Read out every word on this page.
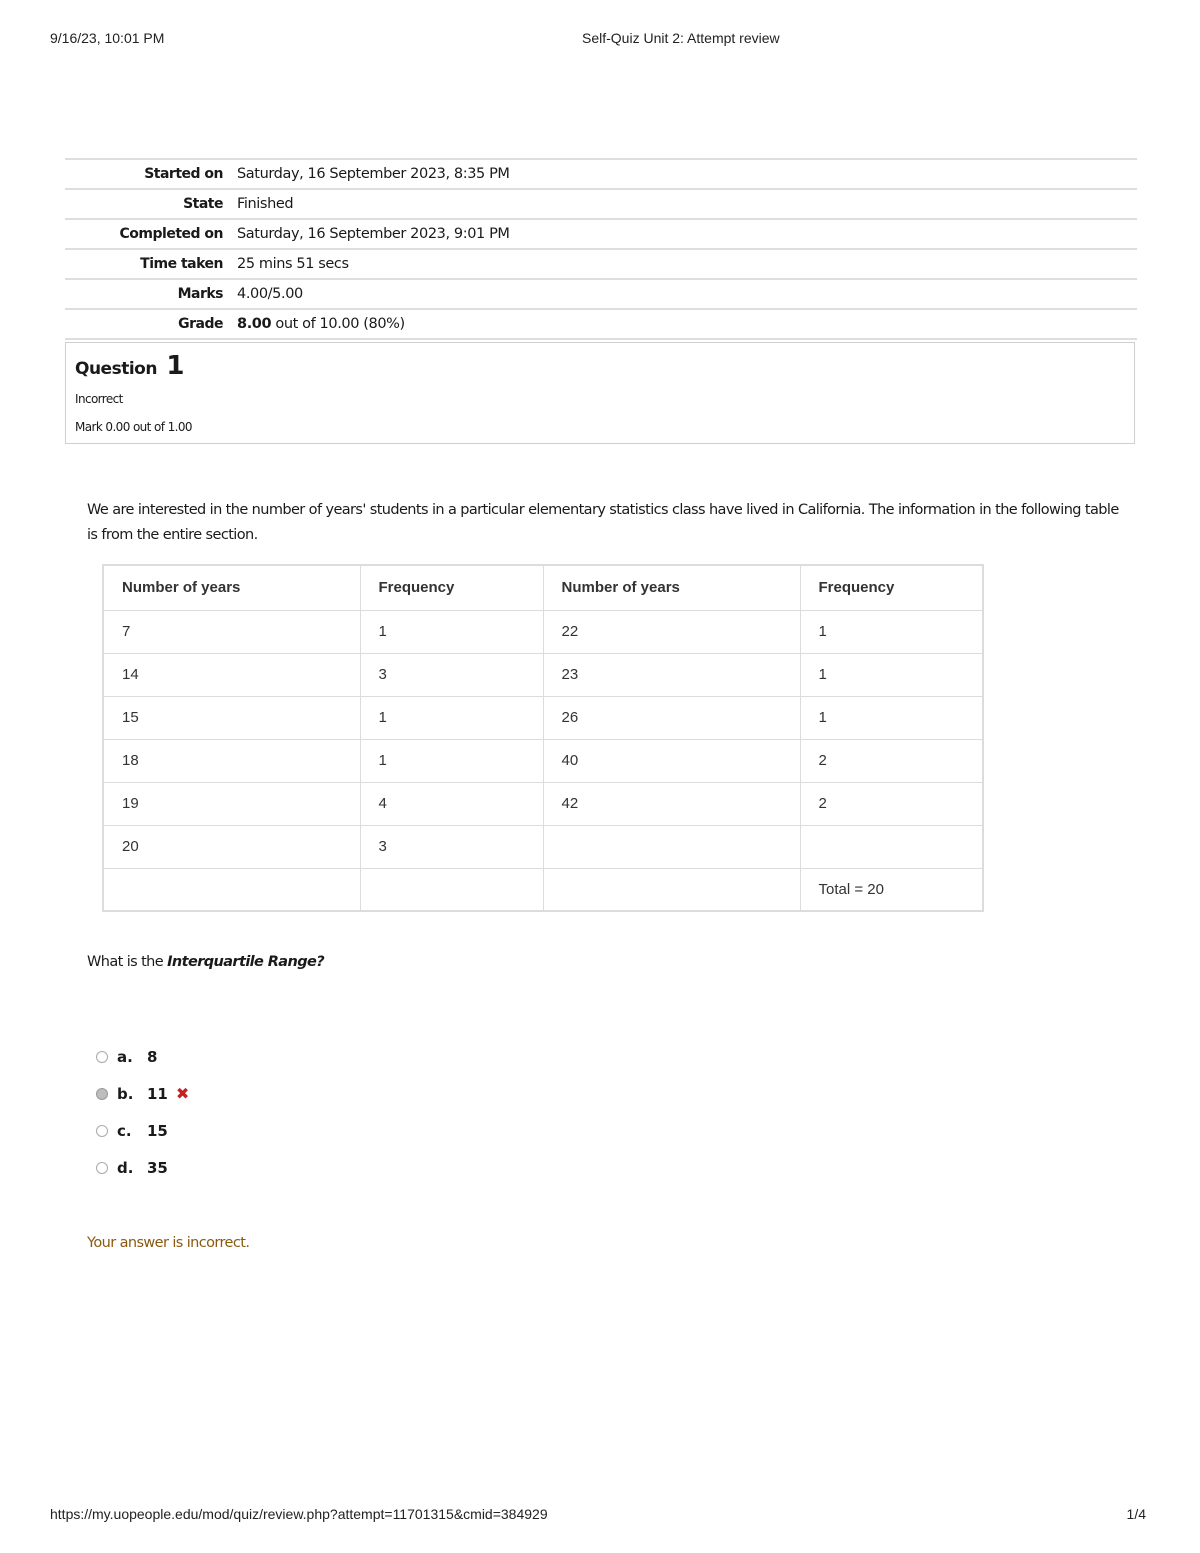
9/16/23, 10:01 PM	Self-Quiz Unit 2: Attempt review
Started on	Saturday, 16 September 2023, 8:35 PM
State	Finished
Completed on	Saturday, 16 September 2023, 9:01 PM
Time taken	25 mins 51 secs
Marks	4.00/5.00
Grade	8.00 out of 10.00 (80%)
Question 1
Incorrect
Mark 0.00 out of 1.00
We are interested in the number of years' students in a particular elementary statistics class have lived in California. The information in the following table is from the entire section.
Number of years	Frequency	Number of years	Frequency
7	1	22	1
14	3	23	1
15	1	26	1
18	1	40	2
19	4	42	2
20	3		
			Total = 20
What is the Interquartile Range?
a. 8
b. 11 ✖
c.	15
d. 35
Your answer is incorrect.
https://my.uopeople.edu/mod/quiz/review.php?attempt=11701315&cmid=384929	1/4
